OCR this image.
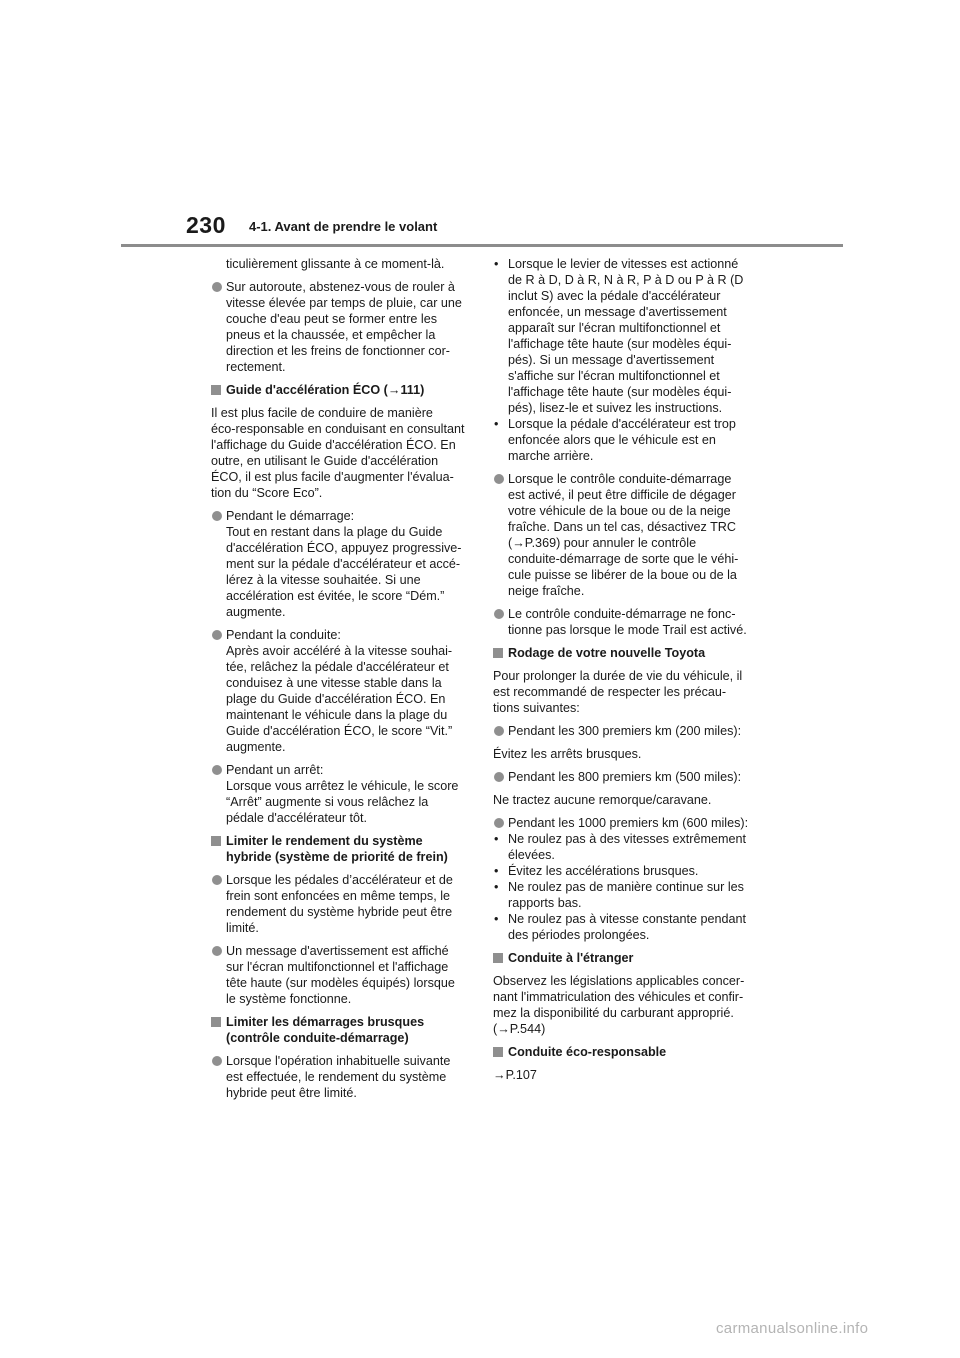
230 4-1. Avant de prendre le volant
ticulièrement glissante à ce moment-là.
Sur autoroute, abstenez-vous de rouler à
vitesse élevée par temps de pluie, car une
couche d'eau peut se former entre les
pneus et la chaussée, et empêcher la
direction et les freins de fonctionner cor-
rectement.
Guide d'accélération ÉCO (→111)
Il est plus facile de conduire de manière
éco-responsable en conduisant en consultant
l'affichage du Guide d'accélération ÉCO. En
outre, en utilisant le Guide d'accélération
ÉCO, il est plus facile d'augmenter l'évalua-
tion du “Score Eco”.
Pendant le démarrage:
Tout en restant dans la plage du Guide
d'accélération ÉCO, appuyez progressive-
ment sur la pédale d'accélérateur et accé-
lérez à la vitesse souhaitée. Si une
accélération est évitée, le score “Dém.”
augmente.
Pendant la conduite:
Après avoir accéléré à la vitesse souhai-
tée, relâchez la pédale d'accélérateur et
conduisez à une vitesse stable dans la
plage du Guide d'accélération ÉCO. En
maintenant le véhicule dans la plage du
Guide d'accélération ÉCO, le score “Vit.”
augmente.
Pendant un arrêt:
Lorsque vous arrêtez le véhicule, le score
“Arrêt” augmente si vous relâchez la
pédale d'accélérateur tôt.
Limiter le rendement du système
hybride (système de priorité de frein)
Lorsque les pédales d’accélérateur et de
frein sont enfoncées en même temps, le
rendement du système hybride peut être
limité.
Un message d'avertissement est affiché
sur l'écran multifonctionnel et l'affichage
tête haute (sur modèles équipés) lorsque
le système fonctionne.
Limiter les démarrages brusques
(contrôle conduite-démarrage)
Lorsque l'opération inhabituelle suivante
est effectuée, le rendement du système
hybride peut être limité.
• Lorsque le levier de vitesses est actionné
de R à D, D à R, N à R, P à D ou P à R (D
inclut S) avec la pédale d'accélérateur
enfoncée, un message d'avertissement
apparaît sur l'écran multifonctionnel et
l'affichage tête haute (sur modèles équi-
pés). Si un message d'avertissement
s'affiche sur l'écran multifonctionnel et
l'affichage tête haute (sur modèles équi-
pés), lisez-le et suivez les instructions.
• Lorsque la pédale d'accélérateur est trop
enfoncée alors que le véhicule est en
marche arrière.
Lorsque le contrôle conduite-démarrage
est activé, il peut être difficile de dégager
votre véhicule de la boue ou de la neige
fraîche. Dans un tel cas, désactivez TRC
(→P.369) pour annuler le contrôle
conduite-démarrage de sorte que le véhi-
cule puisse se libérer de la boue ou de la
neige fraîche.
Le contrôle conduite-démarrage ne fonc-
tionne pas lorsque le mode Trail est activé.
Rodage de votre nouvelle Toyota
Pour prolonger la durée de vie du véhicule, il
est recommandé de respecter les précau-
tions suivantes:
Pendant les 300 premiers km (200 miles):
Évitez les arrêts brusques.
Pendant les 800 premiers km (500 miles):
Ne tractez aucune remorque/caravane.
Pendant les 1000 premiers km (600 miles):
• Ne roulez pas à des vitesses extrêmement
élevées.
• Évitez les accélérations brusques.
• Ne roulez pas de manière continue sur les
rapports bas.
• Ne roulez pas à vitesse constante pendant
des périodes prolongées.
Conduite à l'étranger
Observez les législations applicables concer-
nant l'immatriculation des véhicules et confir-
mez la disponibilité du carburant approprié.
(→P.544)
Conduite éco-responsable
→P.107
carmanualsonline.info
